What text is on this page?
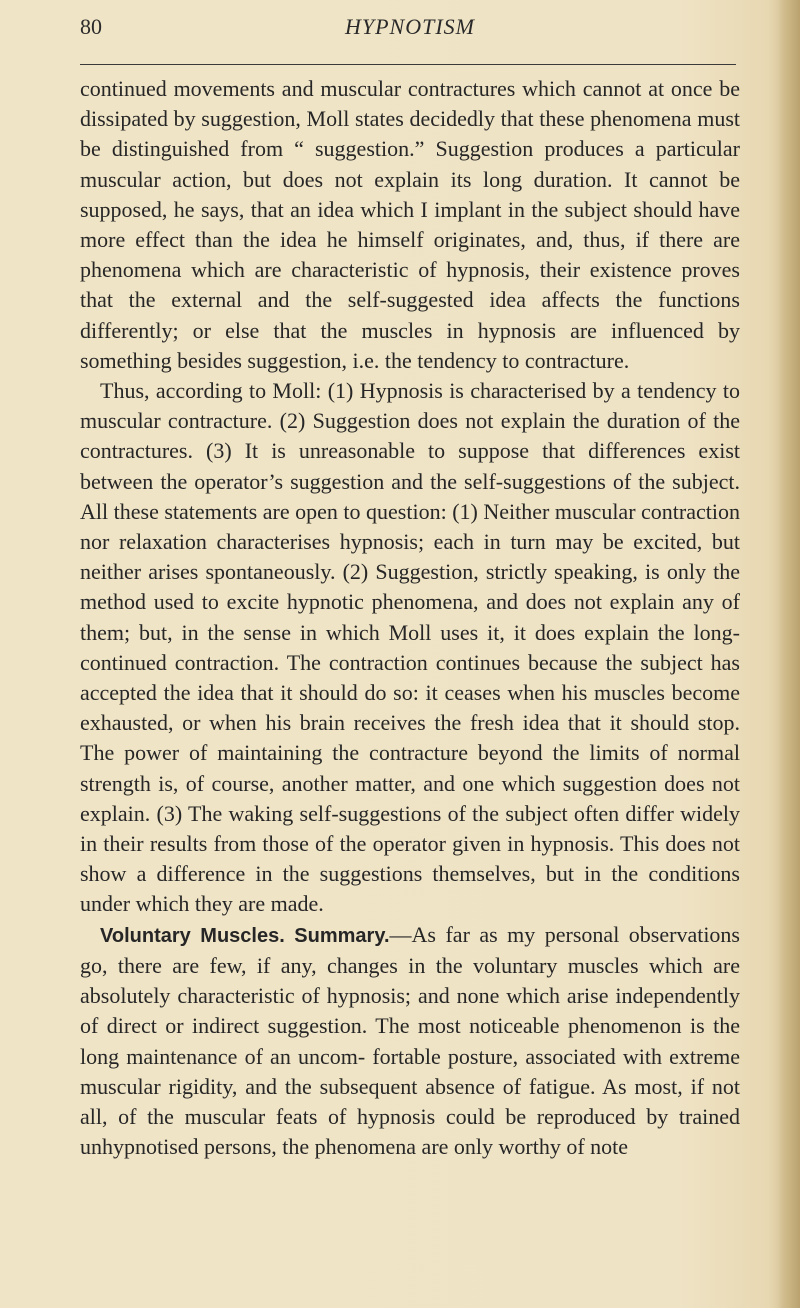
80	HYPNOTISM

continued movements and muscular contractures which cannot at once be dissipated by suggestion, Moll states decidedly that these phenomena must be distinguished from “ suggestion.” Suggestion produces a particular muscular action, but does not explain its long duration. It cannot be supposed, he says, that an idea which I implant in the subject should have more effect than the idea he himself originates, and, thus, if there are phenomena which are characteristic of hypnosis, their existence proves that the external and the self-suggested idea affects the functions differently; or else that the muscles in hypnosis are influenced by something besides suggestion, i.e. the tendency to contracture.

Thus, according to Moll: (1) Hypnosis is characterised by a tendency to muscular contracture. (2) Suggestion does not explain the duration of the contractures. (3) It is unreasonable to suppose that differences exist between the operator’s suggestion and the self-suggestions of the subject. All these statements are open to question: (1) Neither muscular contraction nor relaxation characterises hypnosis; each in turn may be excited, but neither arises spontaneously. (2) Suggestion, strictly speaking, is only the method used to excite hypnotic phenomena, and does not explain any of them; but, in the sense in which Moll uses it, it does explain the long-continued contraction. The contraction continues because the subject has accepted the idea that it should do so: it ceases when his muscles become exhausted, or when his brain receives the fresh idea that it should stop. The power of maintaining the contracture beyond the limits of normal strength is, of course, another matter, and one which suggestion does not explain. (3) The waking self-suggestions of the subject often differ widely in their results from those of the operator given in hypnosis. This does not show a difference in the suggestions themselves, but in the conditions under which they are made.

Voluntary Muscles. Summary.—As far as my personal observations go, there are few, if any, changes in the voluntary muscles which are absolutely characteristic of hypnosis; and none which arise independently of direct or indirect suggestion. The most noticeable phenomenon is the long maintenance of an uncom- fortable posture, associated with extreme muscular rigidity, and the subsequent absence of fatigue. As most, if not all, of the muscular feats of hypnosis could be reproduced by trained unhypnotised persons, the phenomena are only worthy of note
